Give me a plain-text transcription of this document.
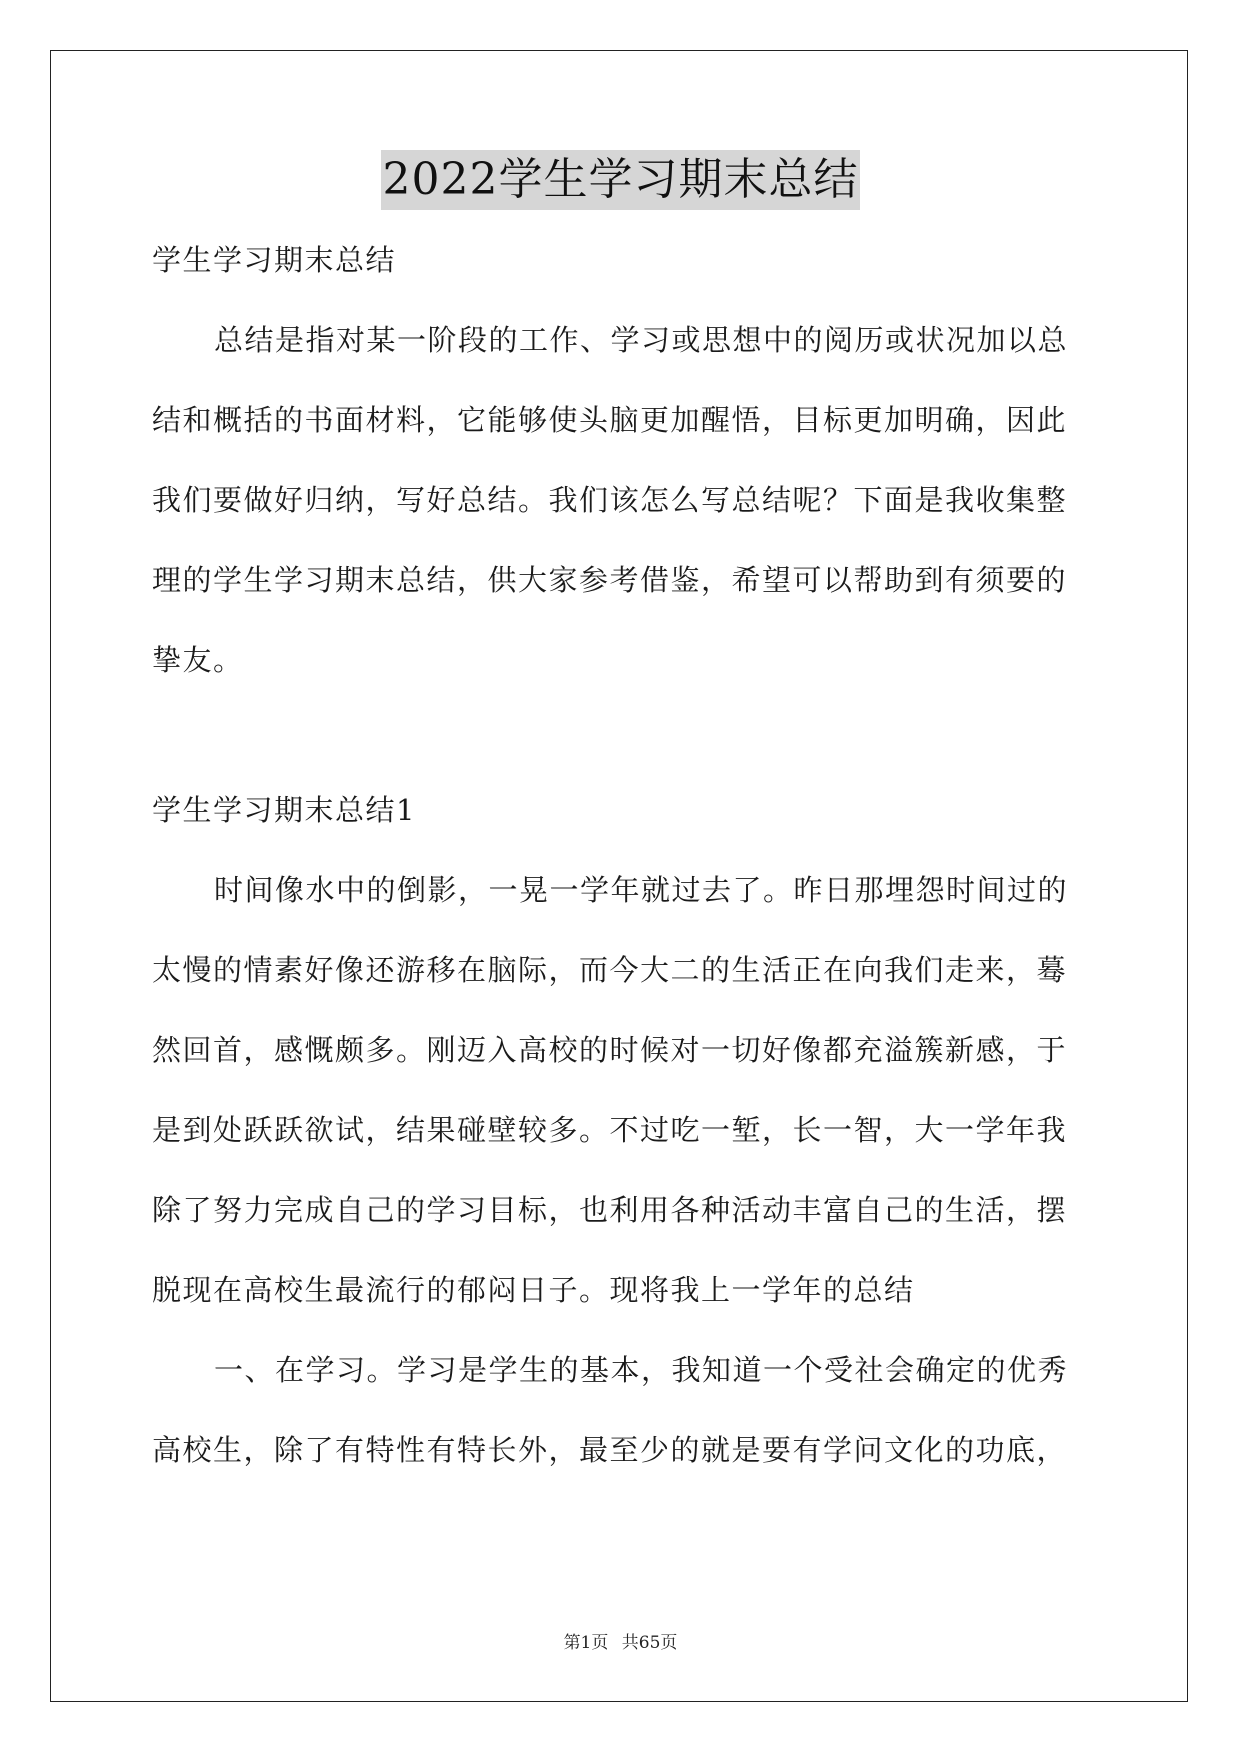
2022学生学习期末总结
学生学习期末总结
总结是指对某一阶段的工作、学习或思想中的阅历或状况加以总
结和概括的书面材料，它能够使头脑更加醒悟，目标更加明确，因此
我们要做好归纳，写好总结。我们该怎么写总结呢？下面是我收集整
理的学生学习期末总结，供大家参考借鉴，希望可以帮助到有须要的
挚友。
学生学习期末总结1
时间像水中的倒影，一晃一学年就过去了。昨日那埋怨时间过的
太慢的情素好像还游移在脑际，而今大二的生活正在向我们走来，蓦
然回首，感慨颇多。刚迈入高校的时候对一切好像都充溢簇新感，于
是到处跃跃欲试，结果碰壁较多。不过吃一堑，长一智，大一学年我
除了努力完成自己的学习目标，也利用各种活动丰富自己的生活，摆
脱现在高校生最流行的郁闷日子。现将我上一学年的总结
一、在学习。学习是学生的基本，我知道一个受社会确定的优秀
高校生，除了有特性有特长外，最至少的就是要有学问文化的功底，
第1页 共65页
